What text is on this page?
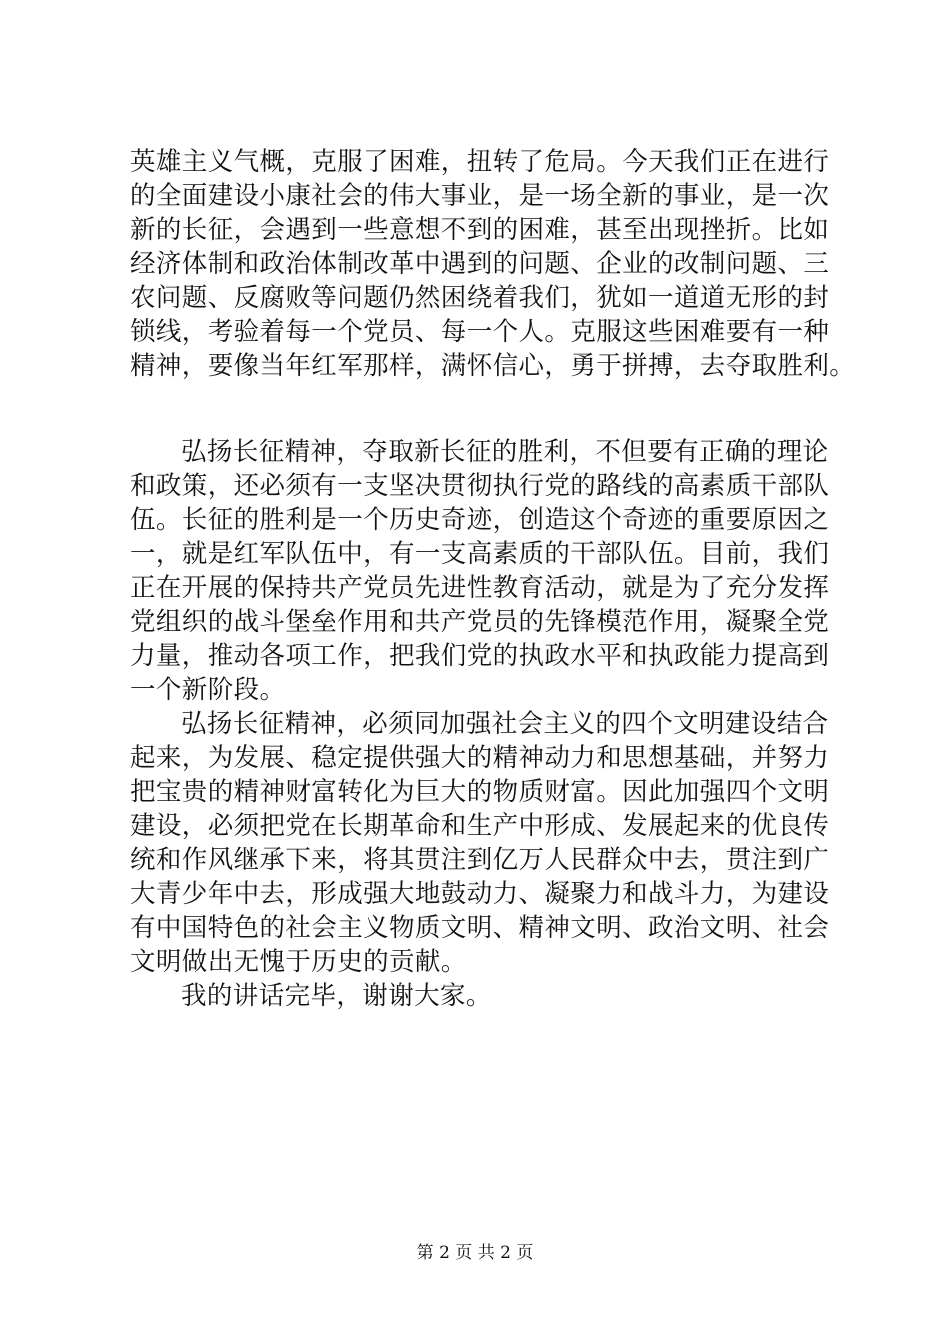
英雄主义气概，克服了困难，扭转了危局。今天我们正在进行
的全面建设小康社会的伟大事业，是一场全新的事业，是一次
新的长征，会遇到一些意想不到的困难，甚至出现挫折。比如
经济体制和政治体制改革中遇到的问题、企业的改制问题、三
农问题、反腐败等问题仍然困绕着我们，犹如一道道无形的封
锁线，考验着每一个党员、每一个人。克服这些困难要有一种
精神，要像当年红军那样，满怀信心，勇于拼搏，去夺取胜利。
弘扬长征精神，夺取新长征的胜利，不但要有正确的理论
和政策，还必须有一支坚决贯彻执行党的路线的高素质干部队
伍。长征的胜利是一个历史奇迹，创造这个奇迹的重要原因之
一，就是红军队伍中，有一支高素质的干部队伍。目前，我们
正在开展的保持共产党员先进性教育活动，就是为了充分发挥
党组织的战斗堡垒作用和共产党员的先锋模范作用，凝聚全党
力量，推动各项工作，把我们党的执政水平和执政能力提高到
一个新阶段。
弘扬长征精神，必须同加强社会主义的四个文明建设结合
起来，为发展、稳定提供强大的精神动力和思想基础，并努力
把宝贵的精神财富转化为巨大的物质财富。因此加强四个文明
建设，必须把党在长期革命和生产中形成、发展起来的优良传
统和作风继承下来，将其贯注到亿万人民群众中去，贯注到广
大青少年中去，形成强大地鼓动力、凝聚力和战斗力，为建设
有中国特色的社会主义物质文明、精神文明、政治文明、社会
文明做出无愧于历史的贡献。
我的讲话完毕，谢谢大家。
第 2 页 共 2 页
